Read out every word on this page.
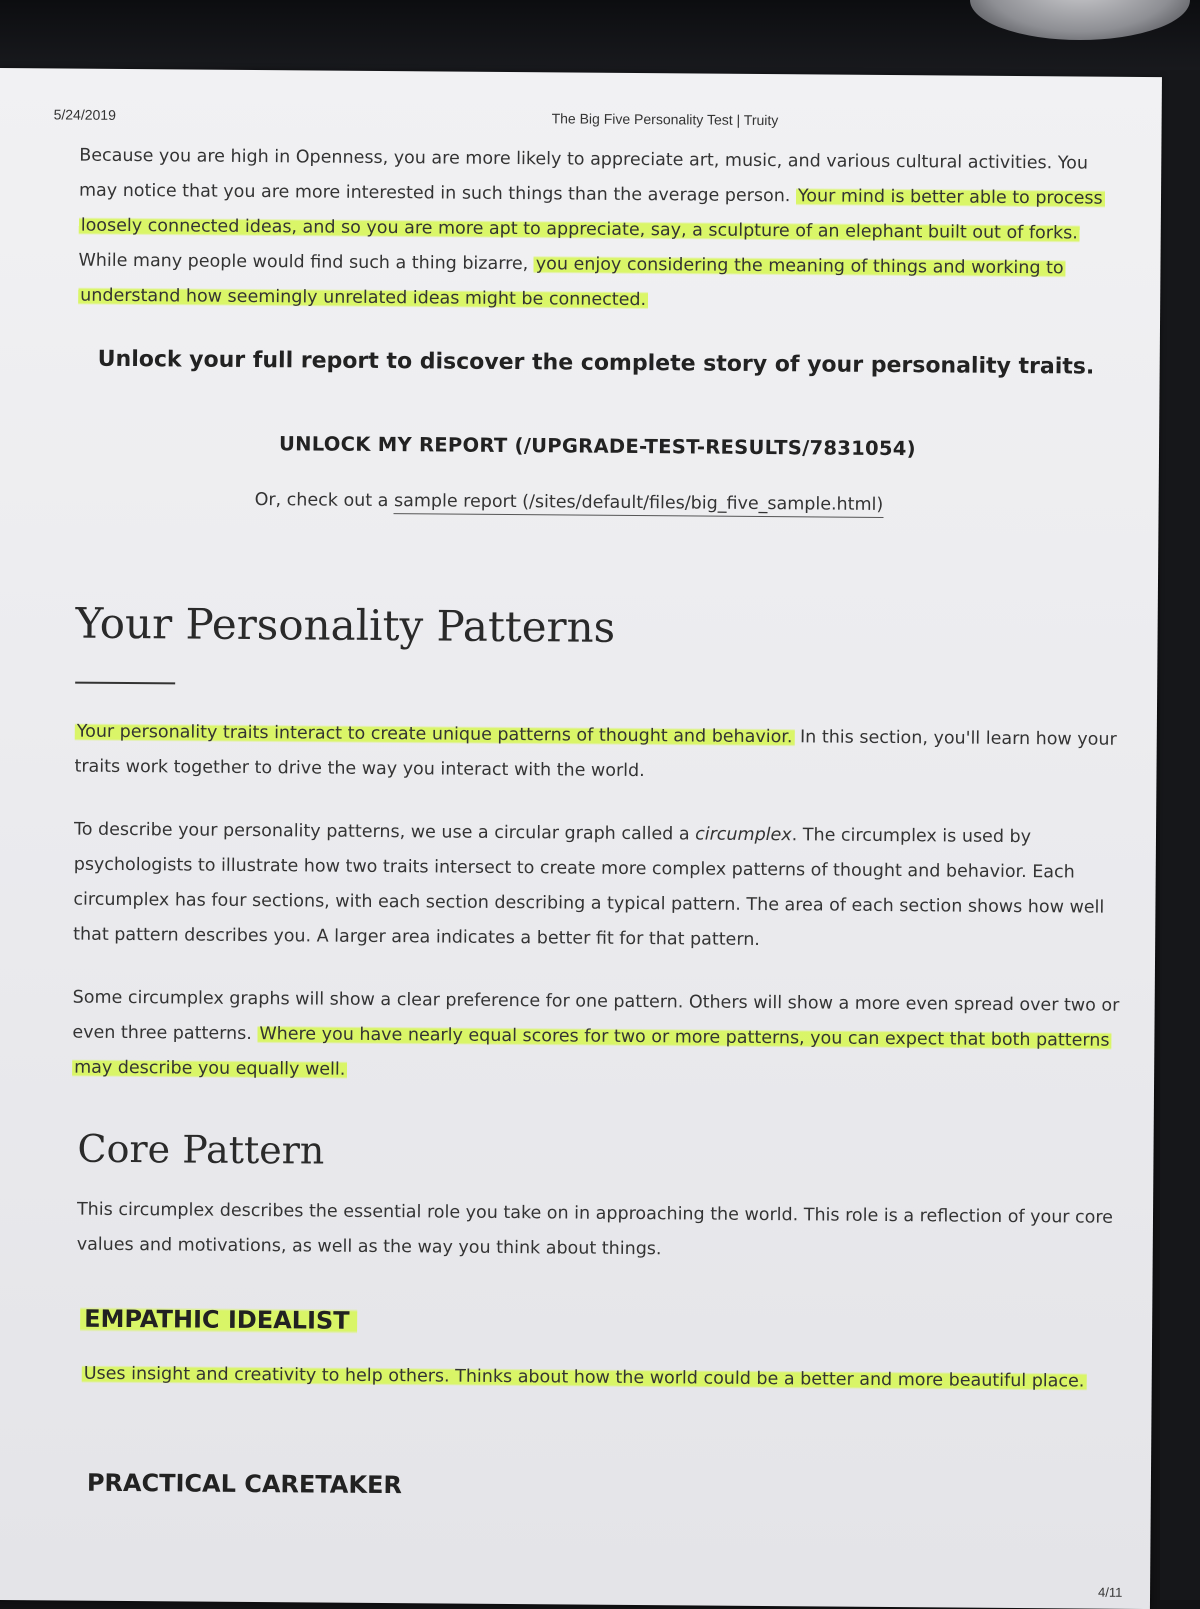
5/24/2019	The Big Five Personality Test | Truity
Because you are high in Openness, you are more likely to appreciate art, music, and various cultural activities. You may notice that you are more interested in such things than the average person. Your mind is better able to process loosely connected ideas, and so you are more apt to appreciate, say, a sculpture of an elephant built out of forks. While many people would find such a thing bizarre, you enjoy considering the meaning of things and working to understand how seemingly unrelated ideas might be connected.
Unlock your full report to discover the complete story of your personality traits.
UNLOCK MY REPORT (/UPGRADE-TEST-RESULTS/7831054)
Or, check out a sample report (/sites/default/files/big_five_sample.html)
Your Personality Patterns
Your personality traits interact to create unique patterns of thought and behavior. In this section, you'll learn how your traits work together to drive the way you interact with the world.
To describe your personality patterns, we use a circular graph called a circumplex. The circumplex is used by psychologists to illustrate how two traits intersect to create more complex patterns of thought and behavior. Each circumplex has four sections, with each section describing a typical pattern. The area of each section shows how well that pattern describes you. A larger area indicates a better fit for that pattern.
Some circumplex graphs will show a clear preference for one pattern. Others will show a more even spread over two or even three patterns. Where you have nearly equal scores for two or more patterns, you can expect that both patterns may describe you equally well.
Core Pattern
This circumplex describes the essential role you take on in approaching the world. This role is a reflection of your core values and motivations, as well as the way you think about things.
EMPATHIC IDEALIST
Uses insight and creativity to help others. Thinks about how the world could be a better and more beautiful place.
PRACTICAL CARETAKER
4/11
